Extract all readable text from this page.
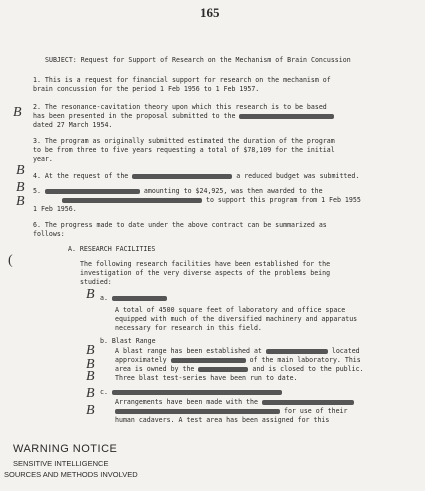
165
SUBJECT: Request for Support of Research on the Mechanism of Brain Concussion
1. This is a request for financial support for research on the mechanism of
brain concussion for the period 1 Feb 1956 to 1 Feb 1957.
2. The resonance-cavitation theory upon which this research is to be based
has been presented in the proposal submitted to the
dated 27 March 1954.
3. The program as originally submitted estimated the duration of the program
to be from three to five years requesting a total of $78,109 for the initial
year.
4. At the request of the	a reduced budget was submitted.
5.	amounting to $24,925, was then awarded to the
to support this program from 1 Feb 1955
1 Feb 1956.
6. The progress made to date under the above contract can be summarized as
follows:
A. RESEARCH FACILITIES
The following research facilities have been established for the
investigation of the very diverse aspects of the problems being
studied:
a.
A total of 4500 square feet of laboratory and office space
equipped with much of the diversified machinery and apparatus
necessary for research in this field.
b. Blast Range
A blast range has been established at	located
approximately	of the main laboratory. This
area is owned by the	and is closed to the public.
Three blast test-series have been run to date.
c.
Arrangements have been made with the
for use of their
human cadavers. A test area has been assigned for this
B
B
B
B
B
B
B
B
B
B
(
WARNING NOTICE
SENSITIVE INTELLIGENCE
SOURCES AND METHODS INVOLVED
